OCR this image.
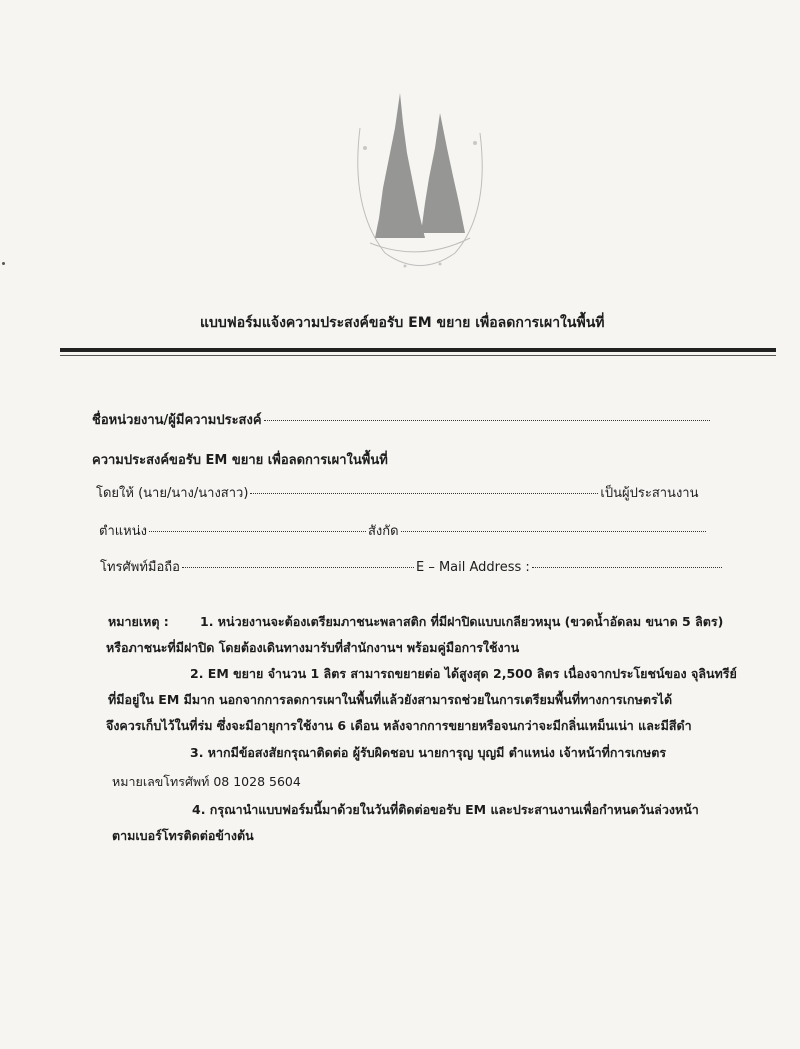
แบบฟอร์มแจ้งความประสงค์ขอรับ EM ขยาย เพื่อลดการเผาในพื้นที่
ชื่อหน่วยงาน/ผู้มีความประสงค์
ความประสงค์ขอรับ EM ขยาย เพื่อลดการเผาในพื้นที่
โดยให้ (นาย/นาง/นางสาว)	เป็นผู้ประสานงาน
ตำแหน่ง	สังกัด
โทรศัพท์มือถือ	E – Mail Address :
หมายเหตุ : 1. หน่วยงานจะต้องเตรียมภาชนะพลาสติก ที่มีฝาปิดแบบเกลียวหมุน (ขวดน้ำอัดลม ขนาด 5 ลิตร)
หรือภาชนะที่มีฝาปิด โดยต้องเดินทางมารับที่สำนักงานฯ พร้อมคู่มือการใช้งาน
2. EM ขยาย จำนวน 1 ลิตร สามารถขยายต่อ ได้สูงสุด 2,500 ลิตร เนื่องจากประโยชน์ของ จุลินทรีย์
ที่มีอยู่ใน EM มีมาก นอกจากการลดการเผาในพื้นที่แล้วยังสามารถช่วยในการเตรียมพื้นที่ทางการเกษตรได้
จึงควรเก็บไว้ในที่ร่ม ซึ่งจะมีอายุการใช้งาน 6 เดือน หลังจากการขยายหรือจนกว่าจะมีกลิ่นเหม็นเน่า และมีสีดำ
3. หากมีข้อสงสัยกรุณาติดต่อ ผู้รับผิดชอบ นายการุญ บุญมี ตำแหน่ง เจ้าหน้าที่การเกษตร
หมายเลขโทรศัพท์ 08 1028 5604
4. กรุณานำแบบฟอร์มนี้มาด้วยในวันที่ติดต่อขอรับ EM และประสานงานเพื่อกำหนดวันล่วงหน้า
ตามเบอร์โทรติดต่อข้างต้น
